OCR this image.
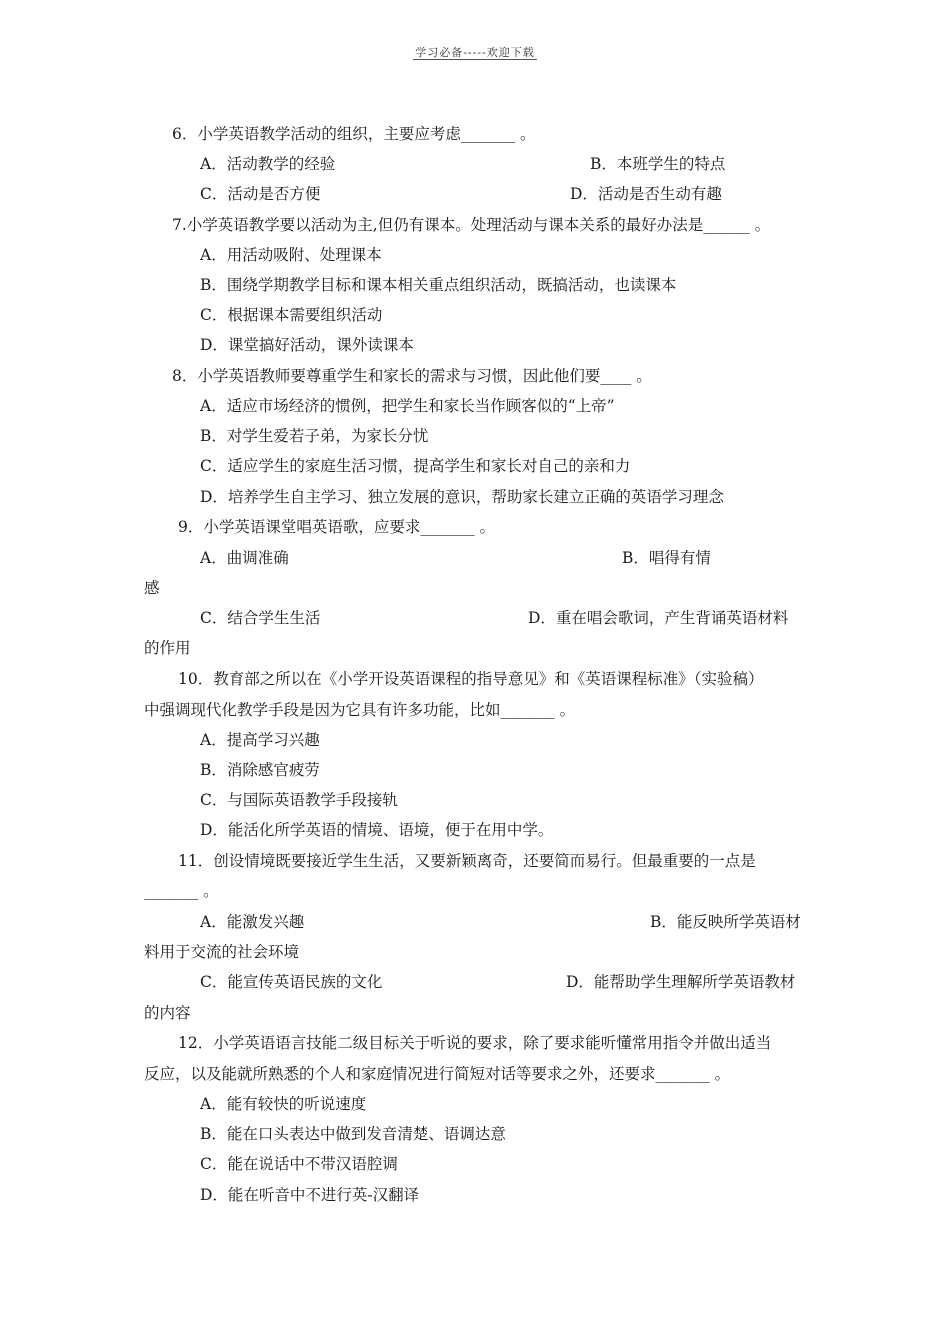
学习必备-----欢迎下载
6．小学英语教学活动的组织，主要应考虑_______ 。
A．活动教学的经验	B．本班学生的特点
C．活动是否方便	D．活动是否生动有趣
7.小学英语教学要以活动为主,但仍有课本。处理活动与课本关系的最好办法是______ 。
A．用活动吸附、处理课本
B．围绕学期教学目标和课本相关重点组织活动，既搞活动，也读课本
C．根据课本需要组织活动
D．课堂搞好活动，课外读课本
8．小学英语教师要尊重学生和家长的需求与习惯，因此他们要____ 。
A．适应市场经济的惯例，把学生和家长当作顾客似的“上帝”
B．对学生爱若子弟，为家长分忧
C．适应学生的家庭生活习惯，提高学生和家长对自己的亲和力
D．培养学生自主学习、独立发展的意识，帮助家长建立正确的英语学习理念
9．小学英语课堂唱英语歌，应要求_______ 。
A．曲调准确	B．唱得有情
感
C．结合学生生活	D．重在唱会歌词，产生背诵英语材料
的作用
10．教育部之所以在《小学开设英语课程的指导意见》和《英语课程标准》（实验稿）
中强调现代化教学手段是因为它具有许多功能，比如_______ 。
A．提高学习兴趣
B．消除感官疲劳
C．与国际英语教学手段接轨
D．能活化所学英语的情境、语境，便于在用中学。
11．创设情境既要接近学生生活，又要新颖离奇，还要简而易行。但最重要的一点是
_______ 。
A．能激发兴趣	B．能反映所学英语材
料用于交流的社会环境
C．能宣传英语民族的文化	D．能帮助学生理解所学英语教材
的内容
12．小学英语语言技能二级目标关于听说的要求，除了要求能听懂常用指令并做出适当
反应，以及能就所熟悉的个人和家庭情况进行简短对话等要求之外，还要求_______ 。
A．能有较快的听说速度
B．能在口头表达中做到发音清楚、语调达意
C．能在说话中不带汉语腔调
D．能在听音中不进行英-汉翻译
